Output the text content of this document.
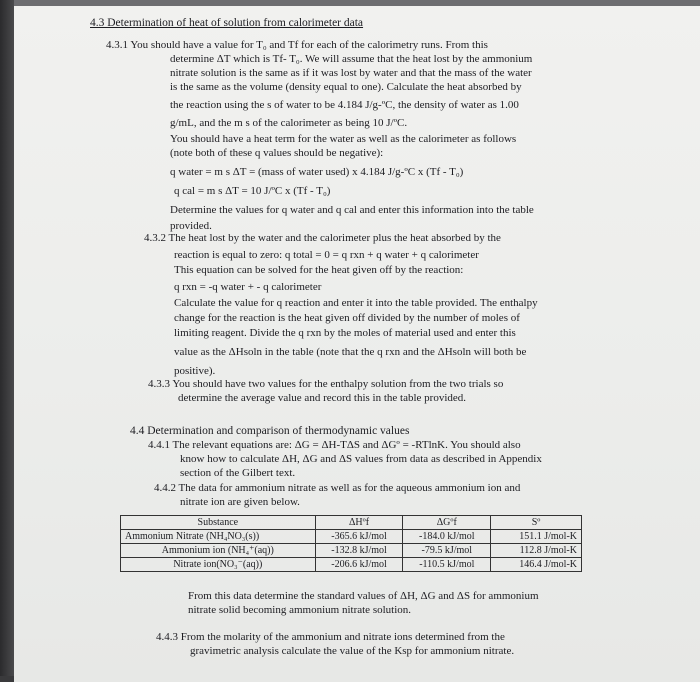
4.3 Determination of heat of solution from calorimeter data
4.3.1 You should have a value for T₀ and Tf for each of the calorimetry runs. From this
determine ΔT which is Tf- T₀. We will assume that the heat lost by the ammonium
nitrate solution is the same as if it was lost by water and that the mass of the water
is the same as the volume (density equal to one). Calculate the heat absorbed by
the reaction using the s of water to be 4.184 J/g-ºC, the density of water as 1.00
g/mL, and the m s of the calorimeter as being 10 J/ºC.
You should have a heat term for the water as well as the calorimeter as follows
(note both of these q values should be negative):
q water = m s ΔT = (mass of water used) x 4.184 J/g-ºC x (Tf - T₀)
q cal = m s ΔT = 10 J/ºC x (Tf - T₀)
Determine the values for q water and q cal and enter this information into the table
provided.
4.3.2 The heat lost by the water and the calorimeter plus the heat absorbed by the
reaction is equal to zero: q total = 0 = q rxn + q water + q calorimeter
This equation can be solved for the heat given off by the reaction:
q rxn = -q water + - q calorimeter
Calculate the value for q reaction and enter it into the table provided. The enthalpy
change for the reaction is the heat given off divided by the number of moles of
limiting reagent. Divide the q rxn by the moles of material used and enter this
value as the ΔHsoln in the table (note that the q rxn and the ΔHsoln will both be
positive).
4.3.3 You should have two values for the enthalpy solution from the two trials so
determine the average value and record this in the table provided.
4.4 Determination and comparison of thermodynamic values
4.4.1 The relevant equations are: ΔG = ΔH-TΔS and ΔGº = -RTlnK. You should also
know how to calculate ΔH, ΔG and ΔS values from data as described in Appendix
section of the Gilbert text.
4.4.2 The data for ammonium nitrate as well as for the aqueous ammonium ion and
nitrate ion are given below.
Substance	ΔHºf	ΔGºf	Sº
Ammonium Nitrate (NH₄NO₃(s))	-365.6 kJ/mol	-184.0 kJ/mol	151.1 J/mol-K
Ammonium ion (NH₄⁺(aq))	-132.8 kJ/mol	-79.5 kJ/mol	112.8 J/mol-K
Nitrate ion(NO₃⁻(aq))	-206.6 kJ/mol	-110.5 kJ/mol	146.4 J/mol-K
From this data determine the standard values of ΔH, ΔG and ΔS for ammonium
nitrate solid becoming ammonium nitrate solution.
4.4.3 From the molarity of the ammonium and nitrate ions determined from the
gravimetric analysis calculate the value of the Ksp for ammonium nitrate.
